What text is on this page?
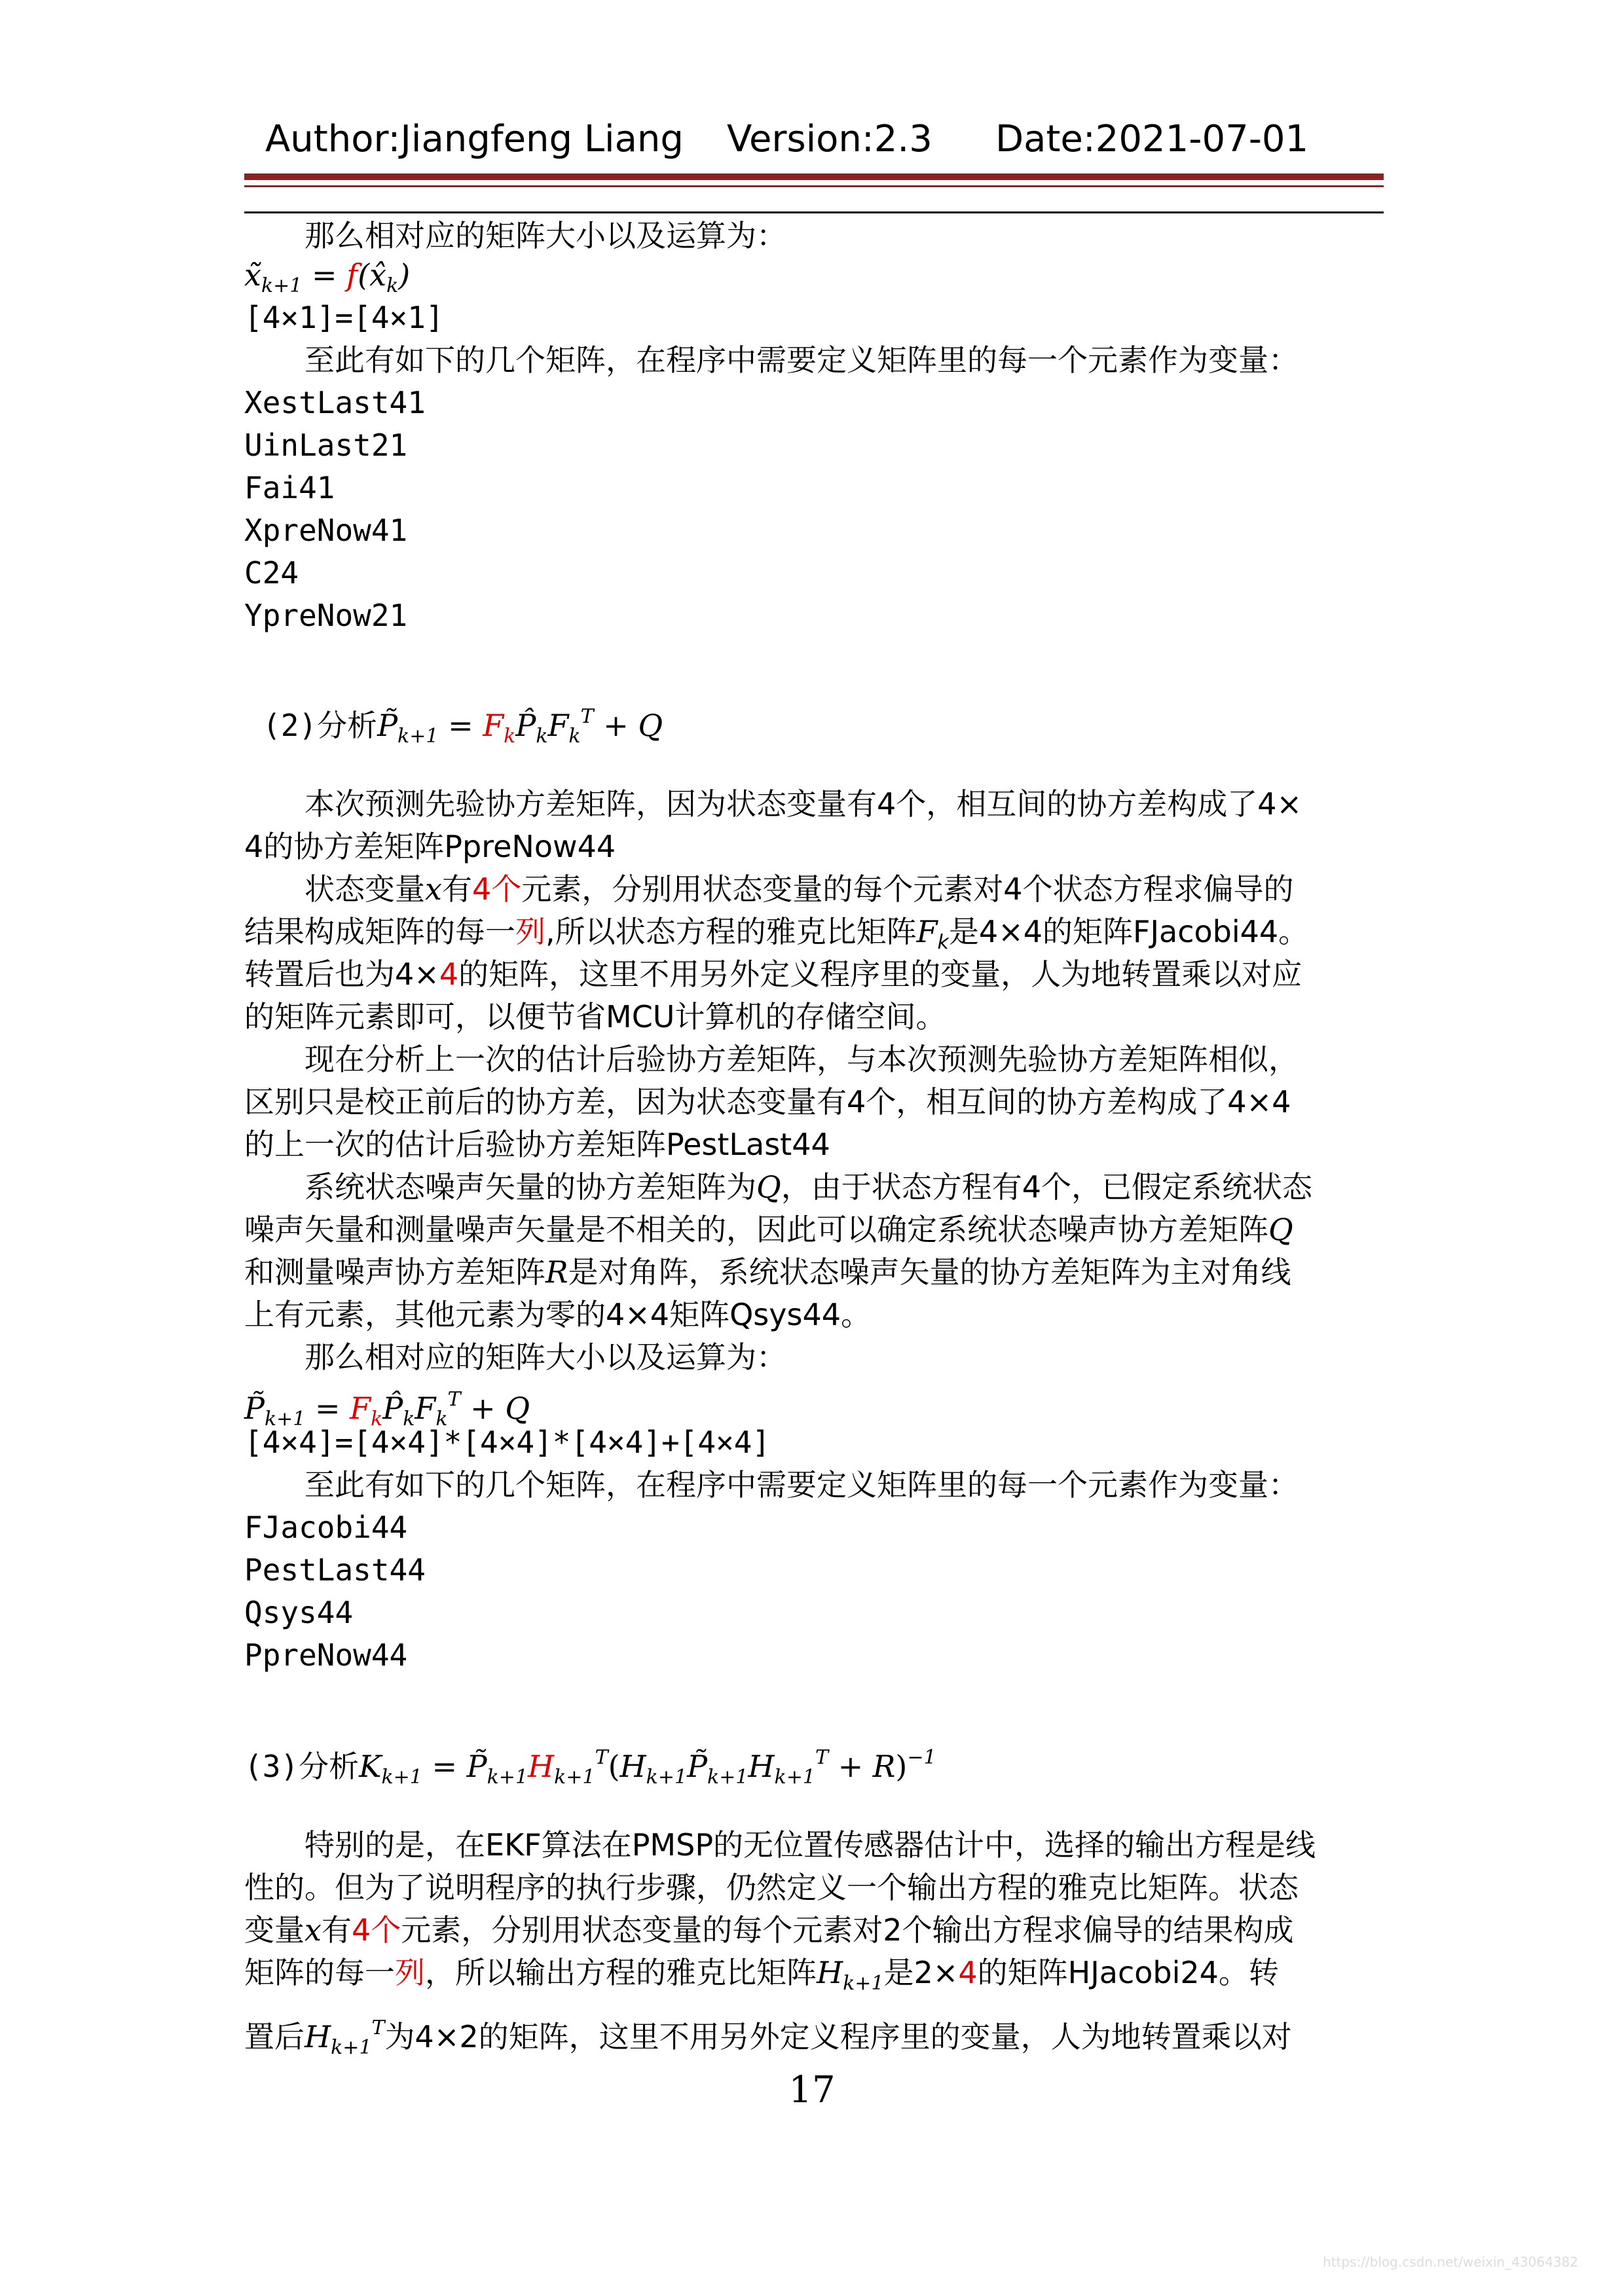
Author:Jiangfeng Liang Version:2.3 Date:2021-07-01
那么相对应的矩阵大小以及运算为：
$x̃_{k+1}$ = $f(x̂_k)$
[4×1]=[4×1]
至此有如下的几个矩阵，在程序中需要定义矩阵里的每一个元素作为变量：
XestLast41
UinLast21
Fai41
XpreNow41
C24
YpreNow21
(2)分析$P_{k+1} = F_kP_kF_k^T + Q$
本次预测先验协方差矩阵，因为状态变量有4个，相互间的协方差构成了4×
4的协方差矩阵PpreNow44
状态变量x有4个元素，分别用状态变量的每个元素对4个状态方程求偏导的
结果构成矩阵的每一列,所以状态方程的雅克比矩阵$F_k$是4×4的矩阵FJacobi44。
转置后也为4×4的矩阵，这里不用另外定义程序里的变量，人为地转置乘以对应
的矩阵元素即可，以便节省MCU计算机的存储空间。
现在分析上一次的估计后验协方差矩阵，与本次预测先验协方差矩阵相似，
区别只是校正前后的协方差，因为状态变量有4个，相互间的协方差构成了4×4
的上一次的估计后验协方差矩阵PestLast44
系统状态噪声矢量的协方差矩阵为Q，由于状态方程有4个，已假定系统状态
噪声矢量和测量噪声矢量是不相关的，因此可以确定系统状态噪声协方差矩阵Q
和测量噪声协方差矩阵R是对角阵，系统状态噪声矢量的协方差矩阵为主对角线
上有元素，其他元素为零的4×4矩阵Qsys44。
那么相对应的矩阵大小以及运算为：
$P_{k+1} = F_kP_kF_k^T + Q$
[4×4]=[4×4]*[4×4]*[4×4]+[4×4]
至此有如下的几个矩阵，在程序中需要定义矩阵里的每一个元素作为变量：
FJacobi44
PestLast44
Qsys44
PpreNow44
(3)分析$K_{k+1} = P_{k+1}H_{k+1}^T(H_{k+1}P_{k+1}H_{k+1}^T + R)^{-1}$
特别的是，在EKF算法在PMSP的无位置传感器估计中，选择的输出方程是线
性的。但为了说明程序的执行步骤，仍然定义一个输出方程的雅克比矩阵。状态
变量x有4个元素，分别用状态变量的每个元素对2个输出方程求偏导的结果构成
矩阵的每一列，所以输出方程的雅克比矩阵$H_{k+1}$是2×4的矩阵HJacobi24。转
置后$H_{k+1}^T$为4×2的矩阵，这里不用另外定义程序里的变量，人为地转置乘以对
17
https://blog.csdn.net/weixin_43064382
